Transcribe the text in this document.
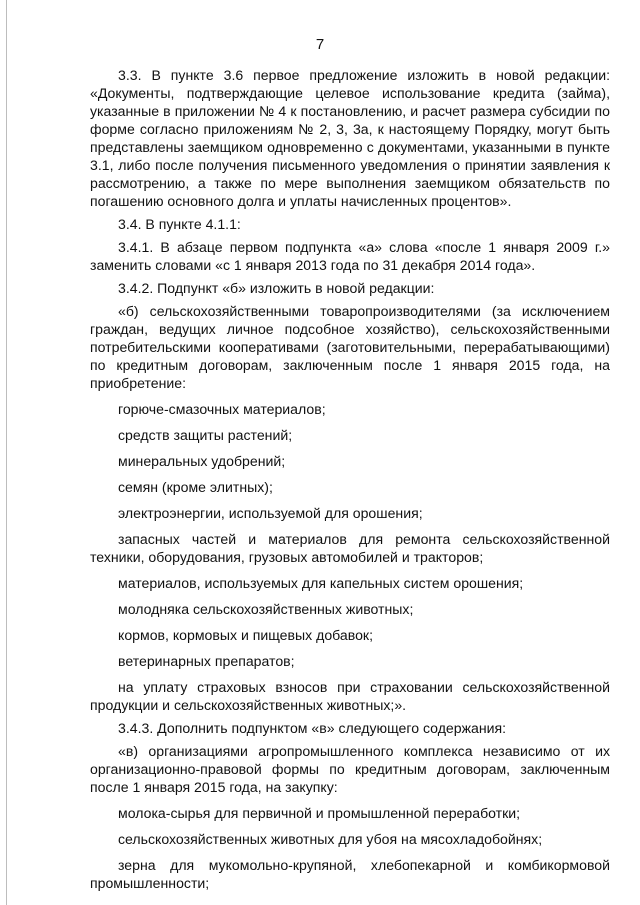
7

3.3. В пункте 3.6 первое предложение изложить в новой редакции: «Документы, подтверждающие целевое использование кредита (займа), указанные в приложении № 4 к постановлению, и расчет размера субсидии по форме согласно приложениям № 2, 3, 3а, к настоящему Порядку, могут быть представлены заемщиком одновременно с документами, указанными в пункте 3.1, либо после получения письменного уведомления о принятии заявления к рассмотрению, а также по мере выполнения заемщиком обязательств по погашению основного долга и уплаты начисленных процентов».

3.4. В пункте 4.1.1:

3.4.1. В абзаце первом подпункта «а» слова «после 1 января 2009 г.» заменить словами «с 1 января 2013 года по 31 декабря 2014 года».

3.4.2. Подпункт «б» изложить в новой редакции:

«б) сельскохозяйственными товаропроизводителями (за исключением граждан, ведущих личное подсобное хозяйство), сельскохозяйственными потребительскими кооперативами (заготовительными, перерабатывающими) по кредитным договорам, заключенным после 1 января 2015 года, на приобретение:

горюче-смазочных материалов;

средств защиты растений;

минеральных удобрений;

семян (кроме элитных);

электроэнергии, используемой для орошения;

запасных частей и материалов для ремонта сельскохозяйственной техники, оборудования, грузовых автомобилей и тракторов;

материалов, используемых для капельных систем орошения;

молодняка сельскохозяйственных животных;

кормов, кормовых и пищевых добавок;

ветеринарных препаратов;

на уплату страховых взносов при страховании сельскохозяйственной продукции и сельскохозяйственных животных;».

3.4.3. Дополнить подпунктом «в» следующего содержания:

«в) организациями агропромышленного комплекса независимо от их организационно-правовой формы по кредитным договорам, заключенным после 1 января 2015 года, на закупку:

молока-сырья для первичной и промышленной переработки;

сельскохозяйственных животных для убоя на мясохладобойнях;

зерна для мукомольно-крупяной, хлебопекарной и комбикормовой промышленности;
